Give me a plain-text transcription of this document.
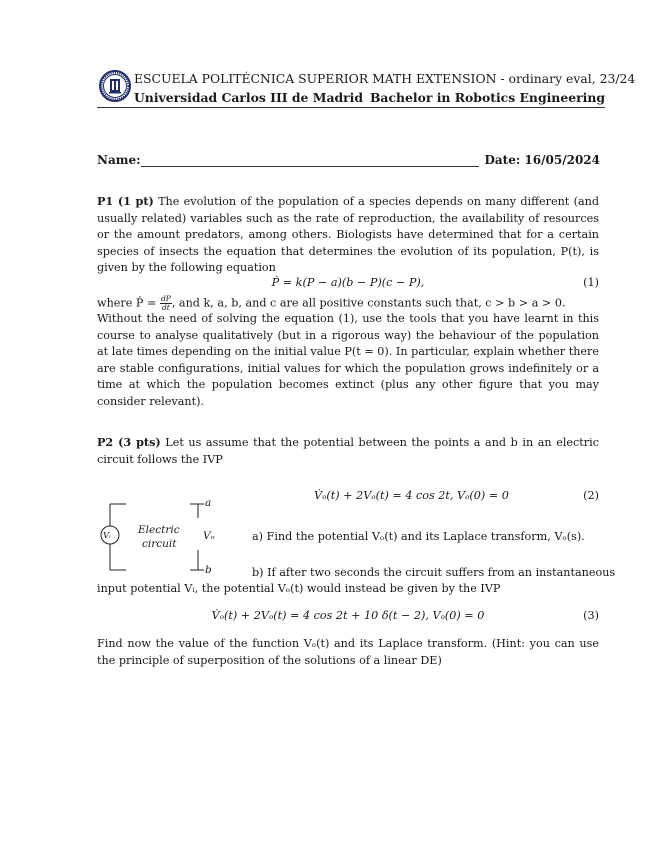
ESCUELA POLITÉCNICA SUPERIOR MATH EXTENSION - ordinary eval, 23/24
Universidad Carlos III de Madrid Bachelor in Robotics Engineering
Name:	Date: 16/05/2024
P1 (1 pt) The evolution of the population of a species depends on many different (and usually related) variables such as the rate of reproduction, the availability of resources or the amount predators, among others. Biologists have determined that for a certain species of insects the equation that determines the evolution of its population, P(t), is given by the following equation
Ṗ = k(P − a)(b − P)(c − P),	(1)
where Ṗ = $\frac{dP}{dt}$ , and k, a, b, and c are all positive constants such that, c > b > a > 0.
Without the need of solving the equation (1), use the tools that you have learnt in this course to analyse qualitatively (but in a rigorous way) the behaviour of the population at late times depending on the initial value P(t = 0). In particular, explain whether there are stable configurations, initial values for which the population grows indefinitely or a time at which the population becomes extinct (plus any other figure that you may consider relevant).
P2 (3 pts) Let us assume that the potential between the points a and b in an electric circuit follows the IVP
V̇ₒ(t) + 2Vₒ(t) = 4 cos 2t, Vₒ(0) = 0	(2)
Vᵢ	Electric
circuit
Vₒ
a
b
a) Find the potential Vₒ(t) and its Laplace transform, Vₒ(s).
b) If after two seconds the circuit suffers from an instantaneous
input potential Vᵢ, the potential Vₒ(t) would instead be given by the IVP
V̇ₒ(t) + 2Vₒ(t) = 4 cos 2t + 10 δ(t − 2), Vₒ(0) = 0	(3)
Find now the value of the function Vₒ(t) and its Laplace transform. (Hint: you can use the principle of superposition of the solutions of a linear DE)
